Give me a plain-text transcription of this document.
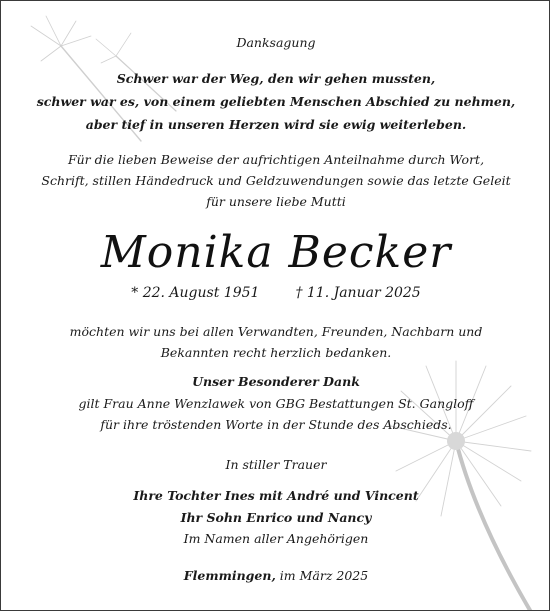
Danksagung
Schwer war der Weg, den wir gehen mussten,
schwer war es, von einem geliebten Menschen Abschied zu nehmen,
aber tief in unseren Herzen wird sie ewig weiterleben.
Für die lieben Beweise der aufrichtigen Anteilnahme durch Wort,
Schrift, stillen Händedruck und Geldzuwendungen sowie das letzte Geleit
für unsere liebe Mutti
Monika Becker
* 22. August 1951	† 11. Januar 2025
möchten wir uns bei allen Verwandten, Freunden, Nachbarn und
Bekannten recht herzlich bedanken.
Unser Besonderer Dank
gilt Frau Anne Wenzlawek von GBG Bestattungen St. Gangloff
für ihre tröstenden Worte in der Stunde des Abschieds.
In stiller Trauer
Ihre Tochter Ines mit André und Vincent
Ihr Sohn Enrico und Nancy
Im Namen aller Angehörigen
Flemmingen, im März 2025
